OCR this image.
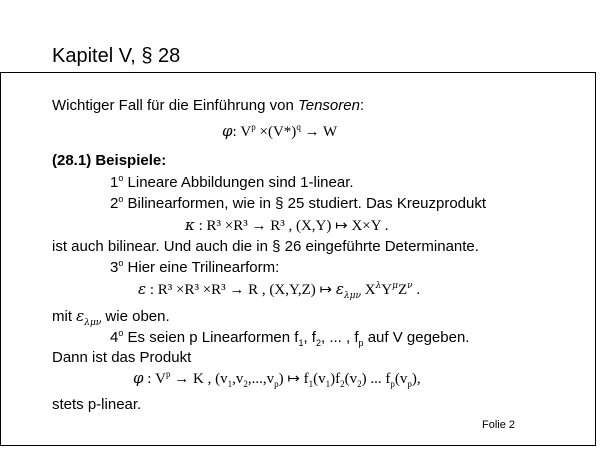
Kapitel V, § 28
Wichtiger Fall für die Einführung von Tensoren:
φ: $V^p \times(V*)^q \to W$
(28.1) Beispiele:
1$^o$ Lineare Abbildungen sind 1-linear.
2$^o$ Bilinearformen, wie in § 25 studiert. Das Kreuzprodukt
κ : R³ ×R³ → R³ , (X,Y) ↦ X×Y .
ist auch bilinear. Und auch die in § 26 eingeführte Determinante.
3$^o$ Hier eine Trilinearform:
ε : R³ ×R³ ×R³ → R , (X,Y,Z) ↦ $\varepsilon_{\lambda\mu\nu}$ $X^\lambda Y^\mu Z^\nu$ .
mit $\varepsilon_{\lambda\mu\nu}$ wie oben.
4$^o$ Es seien p Linearformen $f_1$, $f_2$, ... , $f_p$ auf V gegeben.
Dann ist das Produkt
φ : $V^p \to K$ , $(v_1,v_2,...,v_p)$ ↦ $f_1(v_1)f_2(v_2)$ ... $f_p(v_p)$,
stets p-linear.
Folie 2
